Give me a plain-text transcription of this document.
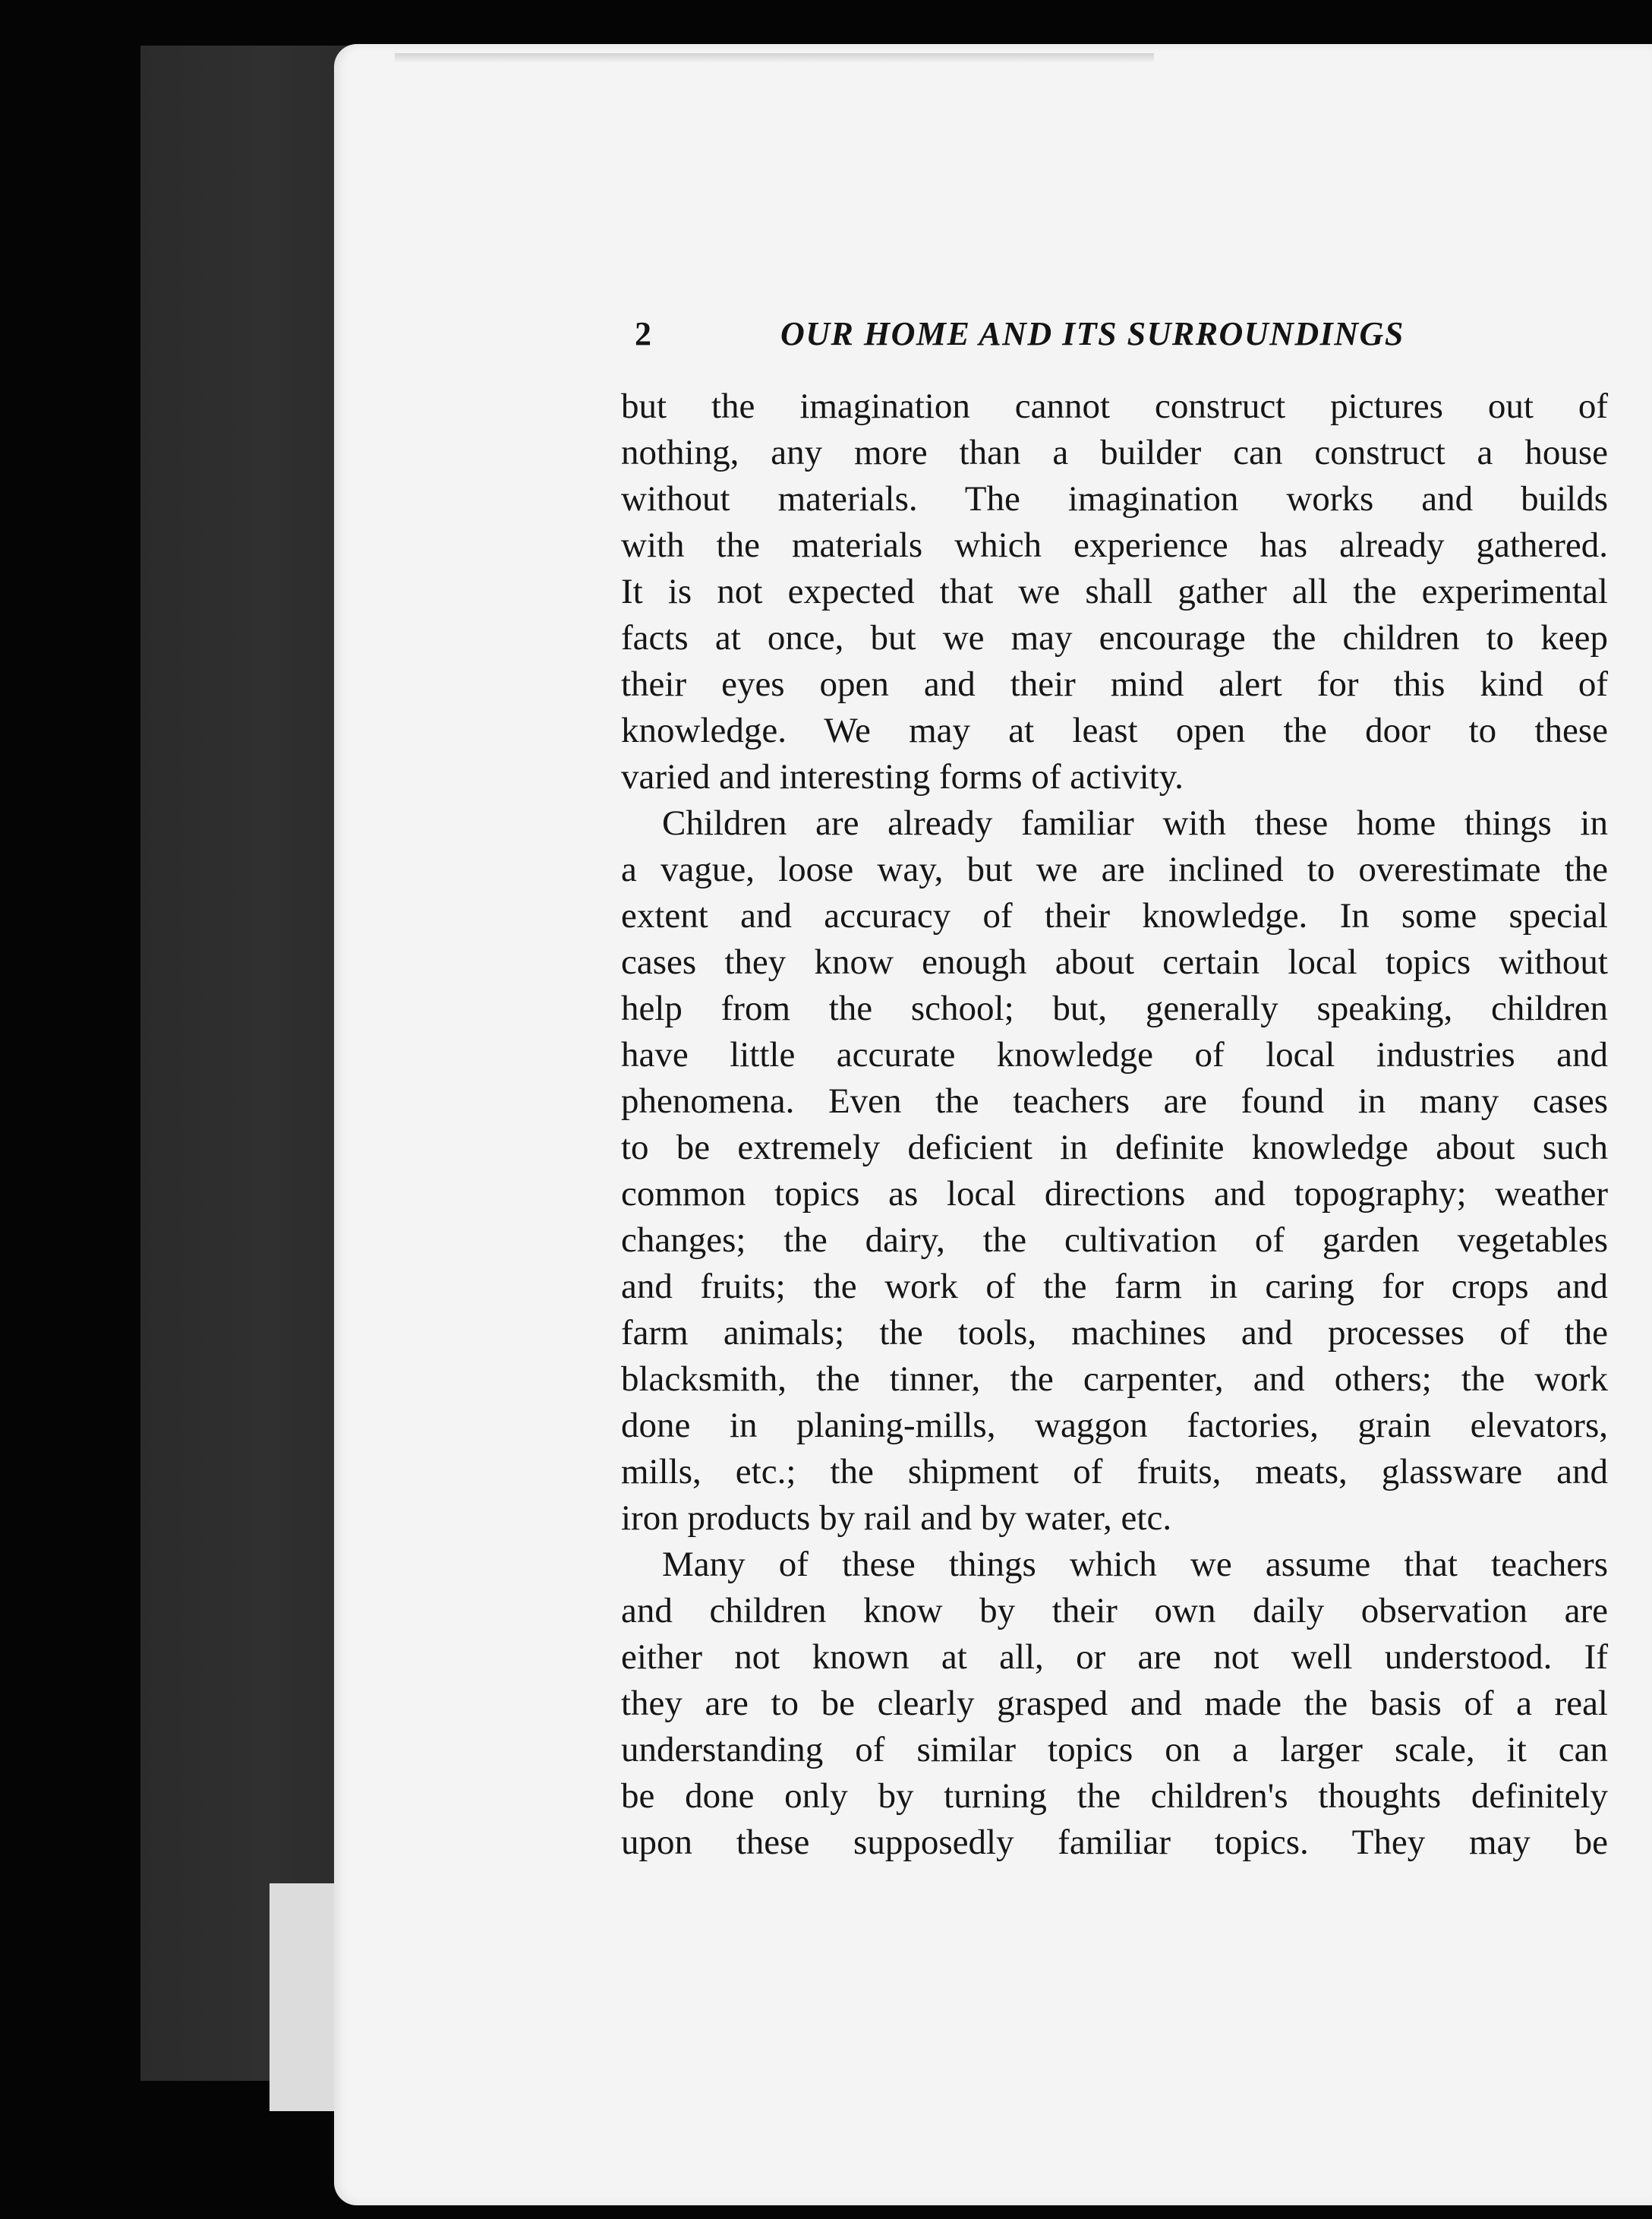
2	OUR HOME AND ITS SURROUNDINGS
but the imagination cannot construct pictures out of
nothing, any more than a builder can construct a house
without materials. The imagination works and builds
with the materials which experience has already gathered.
It is not expected that we shall gather all the experimental
facts at once, but we may encourage the children to keep
their eyes open and their mind alert for this kind of
knowledge. We may at least open the door to these
varied and interesting forms of activity.
Children are already familiar with these home things in
a vague, loose way, but we are inclined to overestimate the
extent and accuracy of their knowledge. In some special
cases they know enough about certain local topics without
help from the school; but, generally speaking, children
have little accurate knowledge of local industries and
phenomena. Even the teachers are found in many cases
to be extremely deficient in definite knowledge about such
common topics as local directions and topography; weather
changes; the dairy, the cultivation of garden vegetables
and fruits; the work of the farm in caring for crops and
farm animals; the tools, machines and processes of the
blacksmith, the tinner, the carpenter, and others; the work
done in planing-mills, waggon factories, grain elevators,
mills, etc.; the shipment of fruits, meats, glassware and
iron products by rail and by water, etc.
Many of these things which we assume that teachers
and children know by their own daily observation are
either not known at all, or are not well understood. If
they are to be clearly grasped and made the basis of a real
understanding of similar topics on a larger scale, it can
be done only by turning the children's thoughts definitely
upon these supposedly familiar topics. They may be
